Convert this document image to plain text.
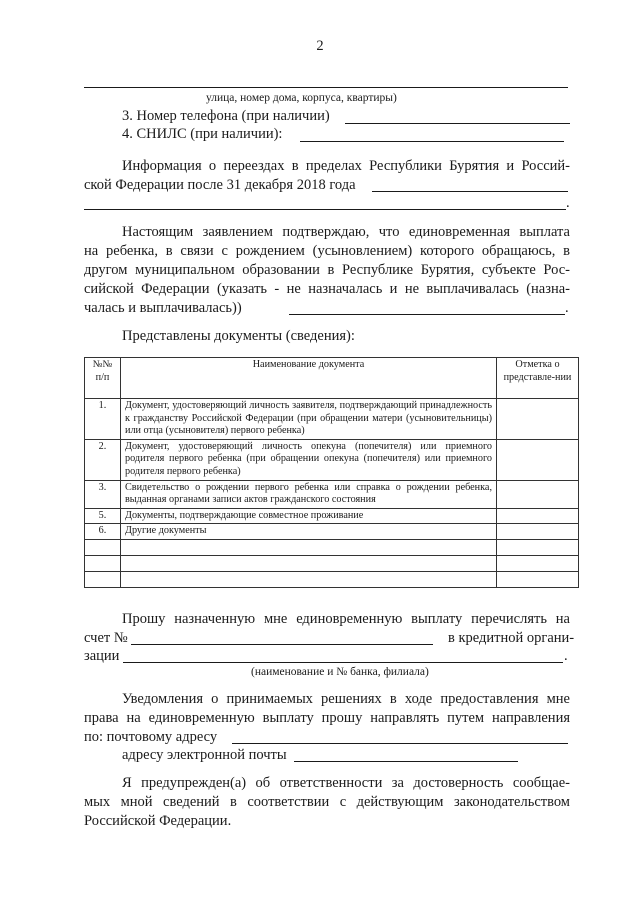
2
улица, номер дома, корпуса, квартиры)
3. Номер телефона (при наличии)
4. СНИЛС (при наличии):
Информация о переездах в пределах Республики Бурятия и Россий-
ской Федерации после 31 декабря 2018 года
.
Настоящим заявлением подтверждаю, что единовременная выплата
на ребенка, в связи с рождением (усыновлением) которого обращаюсь, в
другом муниципальном образовании в Республике Бурятия, субъекте Рос-
сийской Федерации (указать - не назначалась и не выплачивалась (назна-
чалась и выплачивалась))	.
Представлены документы (сведения):
№№ п/п	Наименование документа	Отметка о представле-нии
1.	Документ, удостоверяющий личность заявителя, подтверждающий принадлежность к гражданству Российской Федерации (при обращении матери (усыновительницы) или отца (усыновителя) первого ребенка)	
2.	Документ, удостоверяющий личность опекуна (попечителя) или приемного родителя первого ребенка (при обращении опекуна (попечителя) или приемного родителя первого ребенка)	
3.	Свидетельство о рождении первого ребенка или справка о рождении ребенка, выданная органами записи актов гражданского состояния	
5.	Документы, подтверждающие совместное проживание	
6.	Другие документы	

Прошу назначенную мне единовременную выплату перечислять на
счет №	в кредитной органи-
зации	.
(наименование и № банка, филиала)
Уведомления о принимаемых решениях в ходе предоставления мне
права на единовременную выплату прошу направлять путем направления
по: почтовому адресу
адресу электронной почты
Я предупрежден(а) об ответственности за достоверность сообщае-
мых мной сведений в соответствии с действующим законодательством
Российской Федерации.
